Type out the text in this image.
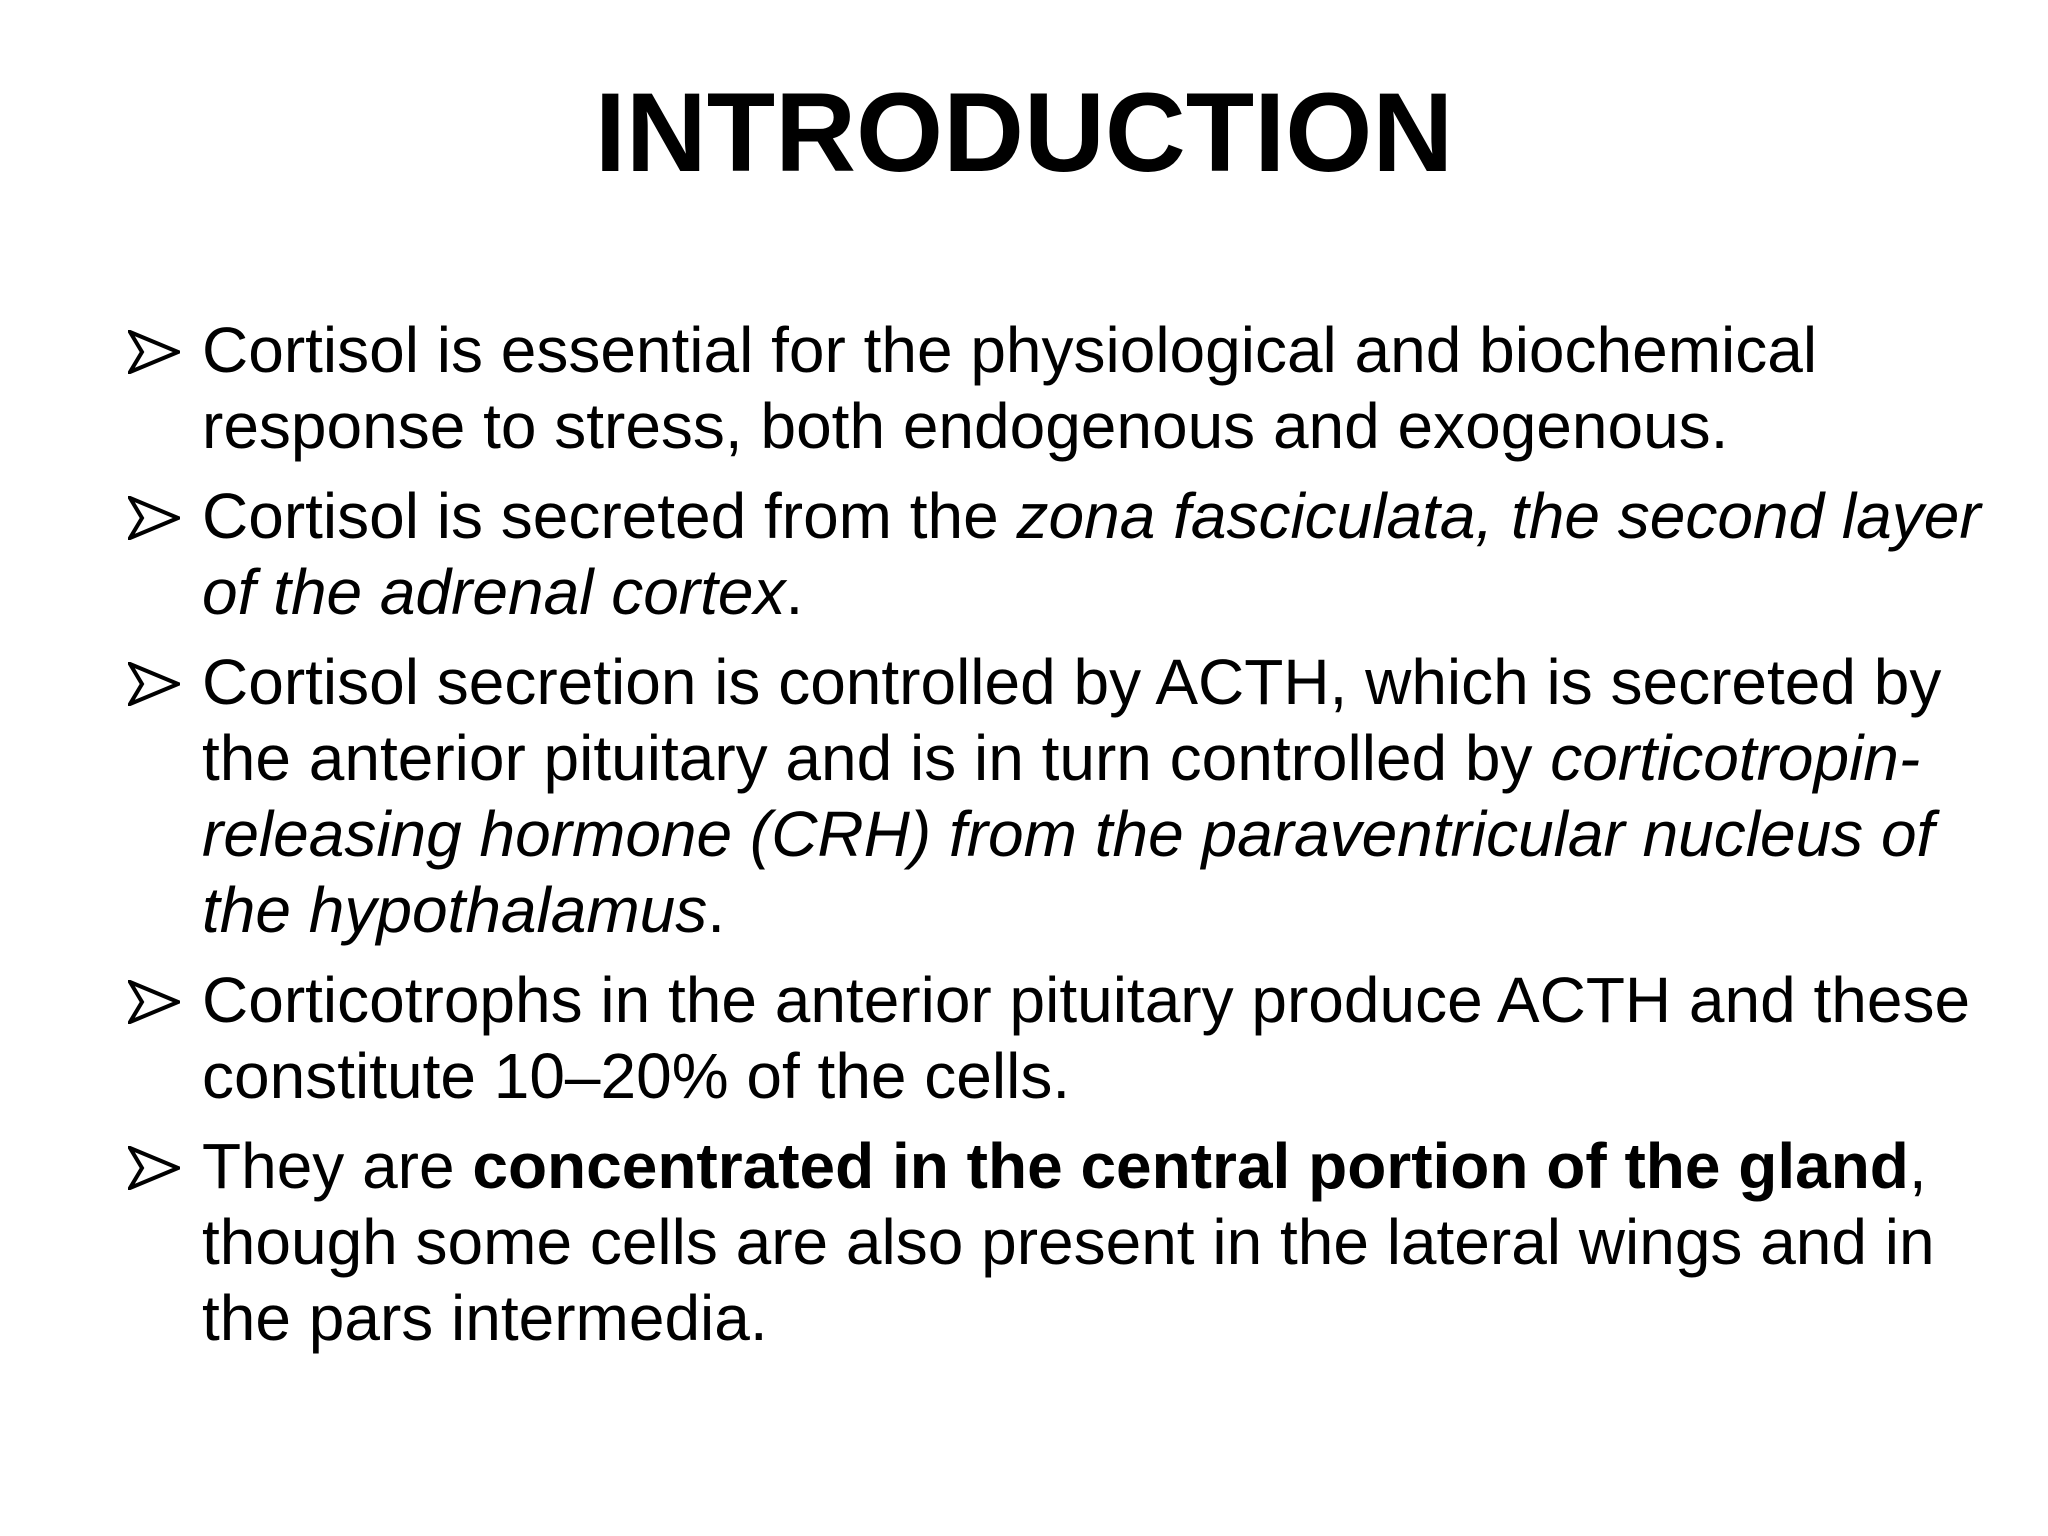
INTRODUCTION
Cortisol is essential for the physiological and biochemical response to stress, both endogenous and exogenous.
Cortisol is secreted from the zona fasciculata, the second layer of the adrenal cortex.
Cortisol secretion is controlled by ACTH, which is secreted by the anterior pituitary and is in turn controlled by corticotropin-releasing hormone (CRH) from the paraventricular nucleus of the hypothalamus.
Corticotrophs in the anterior pituitary produce ACTH and these constitute 10–20% of the cells.
They are concentrated in the central portion of the gland, though some cells are also present in the lateral wings and in the pars intermedia.
